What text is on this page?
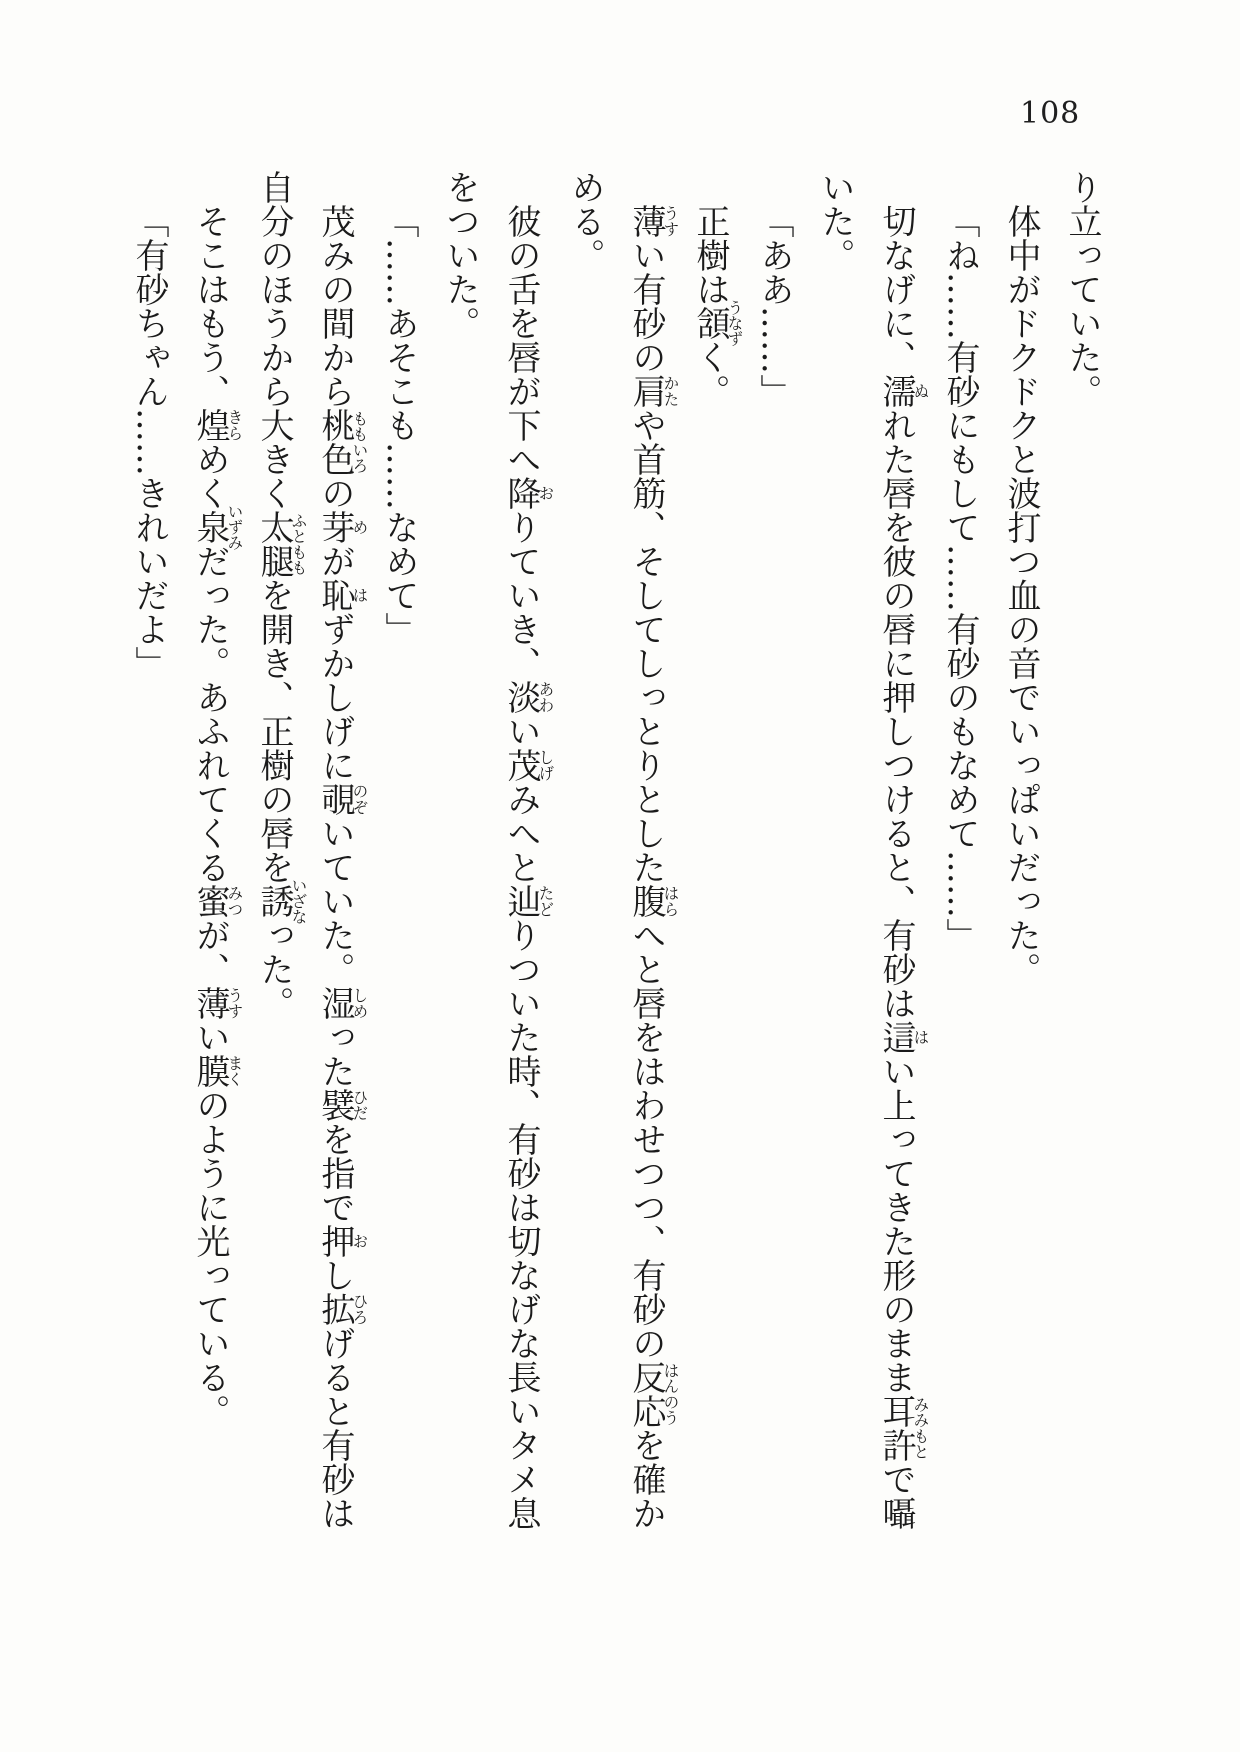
108

り立っていた。

体中がドクドクと波打つ血の音でいっぱいだった。

「ね……有砂にもして……有砂のもなめて……」

切なげに、濡ぬれた唇を彼の唇に押しつけると、有砂は這はい上ってきた形のまま耳許みみもとで囁
いた。

「ああ……」

正樹は頷うなずく。

薄うすい有砂の肩かたや首筋、そしてしっとりとした腹はらへと唇をはわせつつ、有砂の反応はんのうを確か
める。

彼の舌を唇が下へ降おりていき、淡あわい茂しげみへと辿たどりついた時、有砂は切なげな長いタメ息
をついた。

「……あそこも……なめて」

茂みの間から桃色ももいろの芽めが恥はずかしげに覗のぞいていた。湿しめった襞ひだを指で押おし拡ひろげると有砂は
自分のほうから大きく太腿ふとももを開き、正樹の唇を誘いざなった。

そこはもう、煌きらめく泉いずみだった。あふれてくる蜜みつが、薄うすい膜まくのように光っている。

「有砂ちゃん……きれいだよ」
